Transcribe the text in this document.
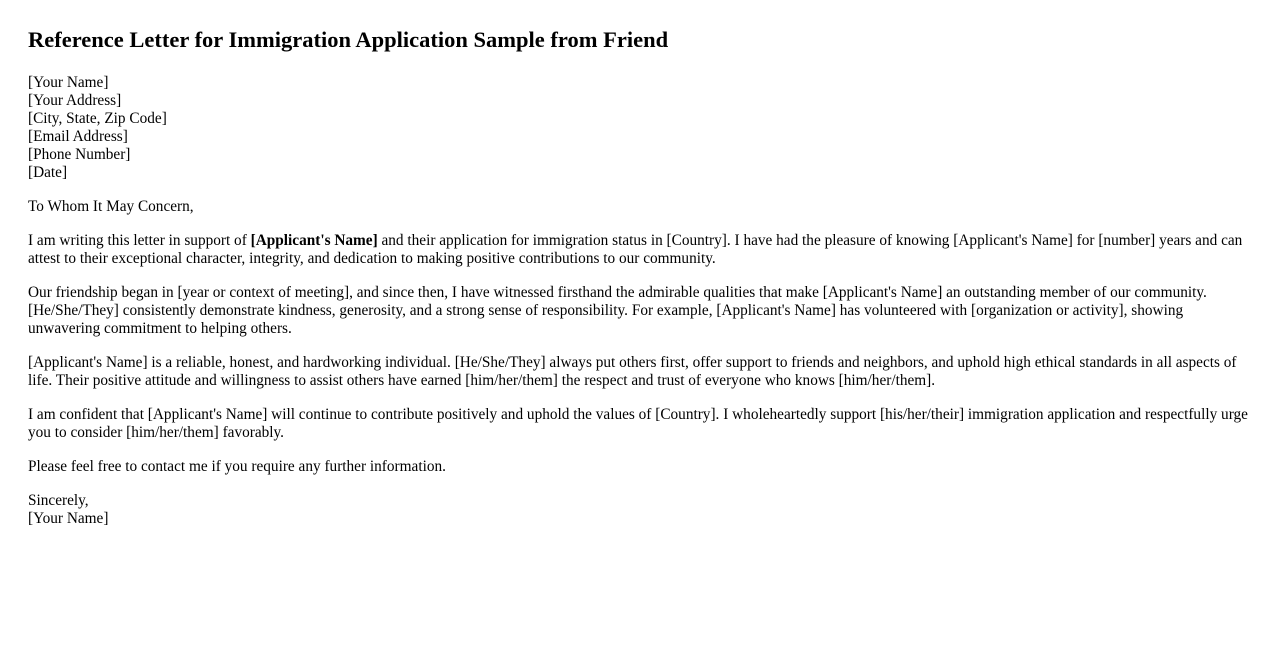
Reference Letter for Immigration Application Sample from Friend
[Your Name]
[Your Address]
[City, State, Zip Code]
[Email Address]
[Phone Number]
[Date]
To Whom It May Concern,
I am writing this letter in support of [Applicant's Name] and their application for immigration status in [Country]. I have had the pleasure of knowing [Applicant's Name] for [number] years and can attest to their exceptional character, integrity, and dedication to making positive contributions to our community.
Our friendship began in [year or context of meeting], and since then, I have witnessed firsthand the admirable qualities that make [Applicant's Name] an outstanding member of our community. [He/She/They] consistently demonstrate kindness, generosity, and a strong sense of responsibility. For example, [Applicant's Name] has volunteered with [organization or activity], showing unwavering commitment to helping others.
[Applicant's Name] is a reliable, honest, and hardworking individual. [He/She/They] always put others first, offer support to friends and neighbors, and uphold high ethical standards in all aspects of life. Their positive attitude and willingness to assist others have earned [him/her/them] the respect and trust of everyone who knows [him/her/them].
I am confident that [Applicant's Name] will continue to contribute positively and uphold the values of [Country]. I wholeheartedly support [his/her/their] immigration application and respectfully urge you to consider [him/her/them] favorably.
Please feel free to contact me if you require any further information.
Sincerely,
[Your Name]
